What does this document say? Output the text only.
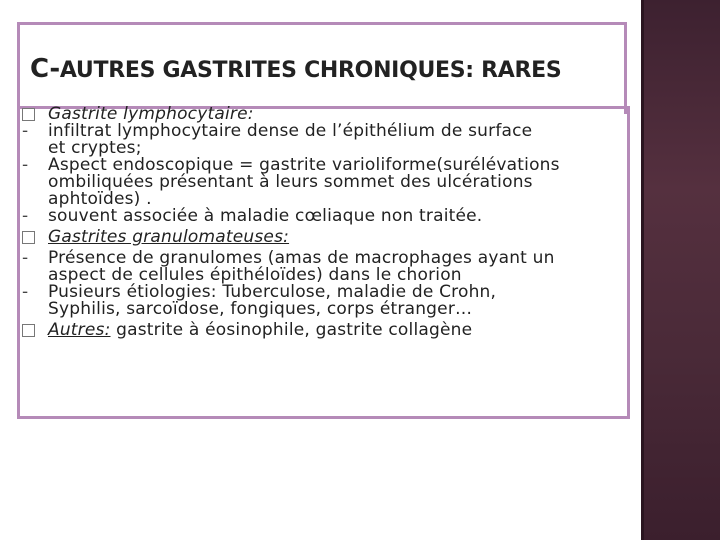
C-AUTRES GASTRITES CHRONIQUES: RARES
Gastrite lymphocytaire:
- infiltrat lymphocytaire dense de l’épithélium de surface
et cryptes;
- Aspect endoscopique = gastrite varioliforme(surélévations
ombiliquées présentant à leurs sommet des ulcérations
aphtoïdes) .
- souvent associée à maladie cœliaque non traitée.
Gastrites granulomateuses:
- Présence de granulomes (amas de macrophages ayant un
aspect de cellules épithéloïdes) dans le chorion
- Pusieurs étiologies: Tuberculose, maladie de Crohn,
Syphilis, sarcoïdose, fongiques, corps étranger…
Autres: gastrite à éosinophile, gastrite collagène
